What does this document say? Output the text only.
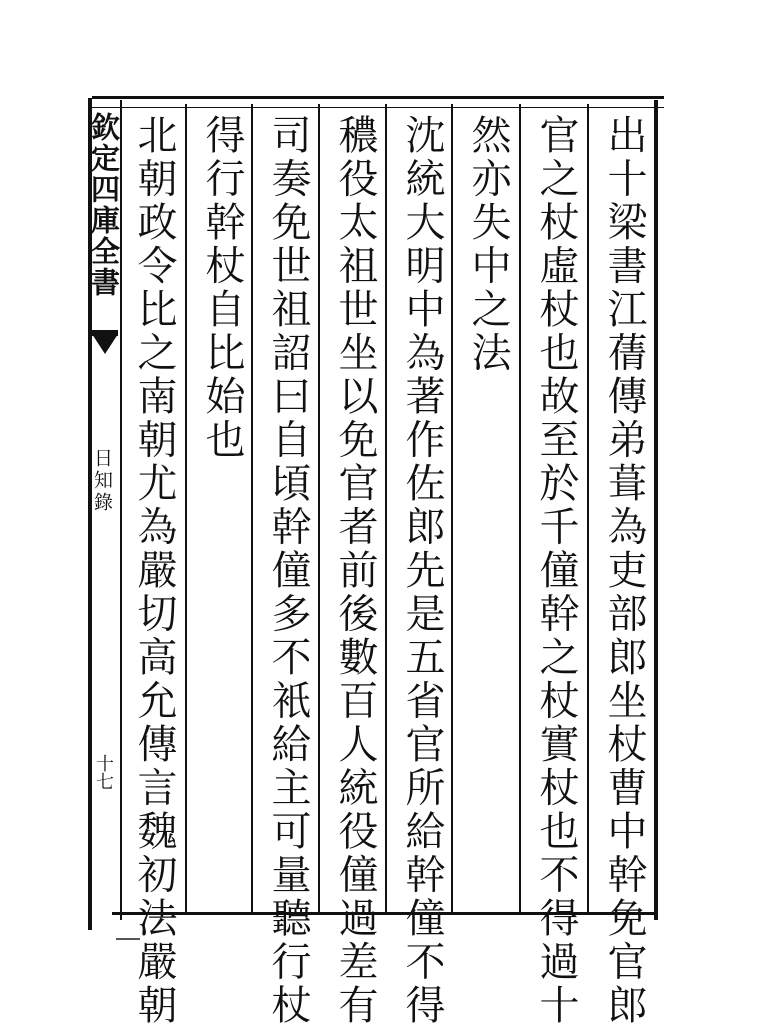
欽定四庫全書
日知錄
十七	出十梁書江蒨傳弟葺為吏部郎坐杖曹中幹免官郎
官之杖虛杖也故至於千僮幹之杖實杖也不得過十
然亦失中之法
沈統大明中為著作佐郎先是五省官所給幹僮不得
穠役太祖世坐以免官者前後數百人統役僮過差有
司奏免世祖詔曰自頃幹僮多不衹給主可量聽行杖
得行幹杖自比始也
北朝政令比之南朝尤為嚴切高允傳言魏初法嚴朝
